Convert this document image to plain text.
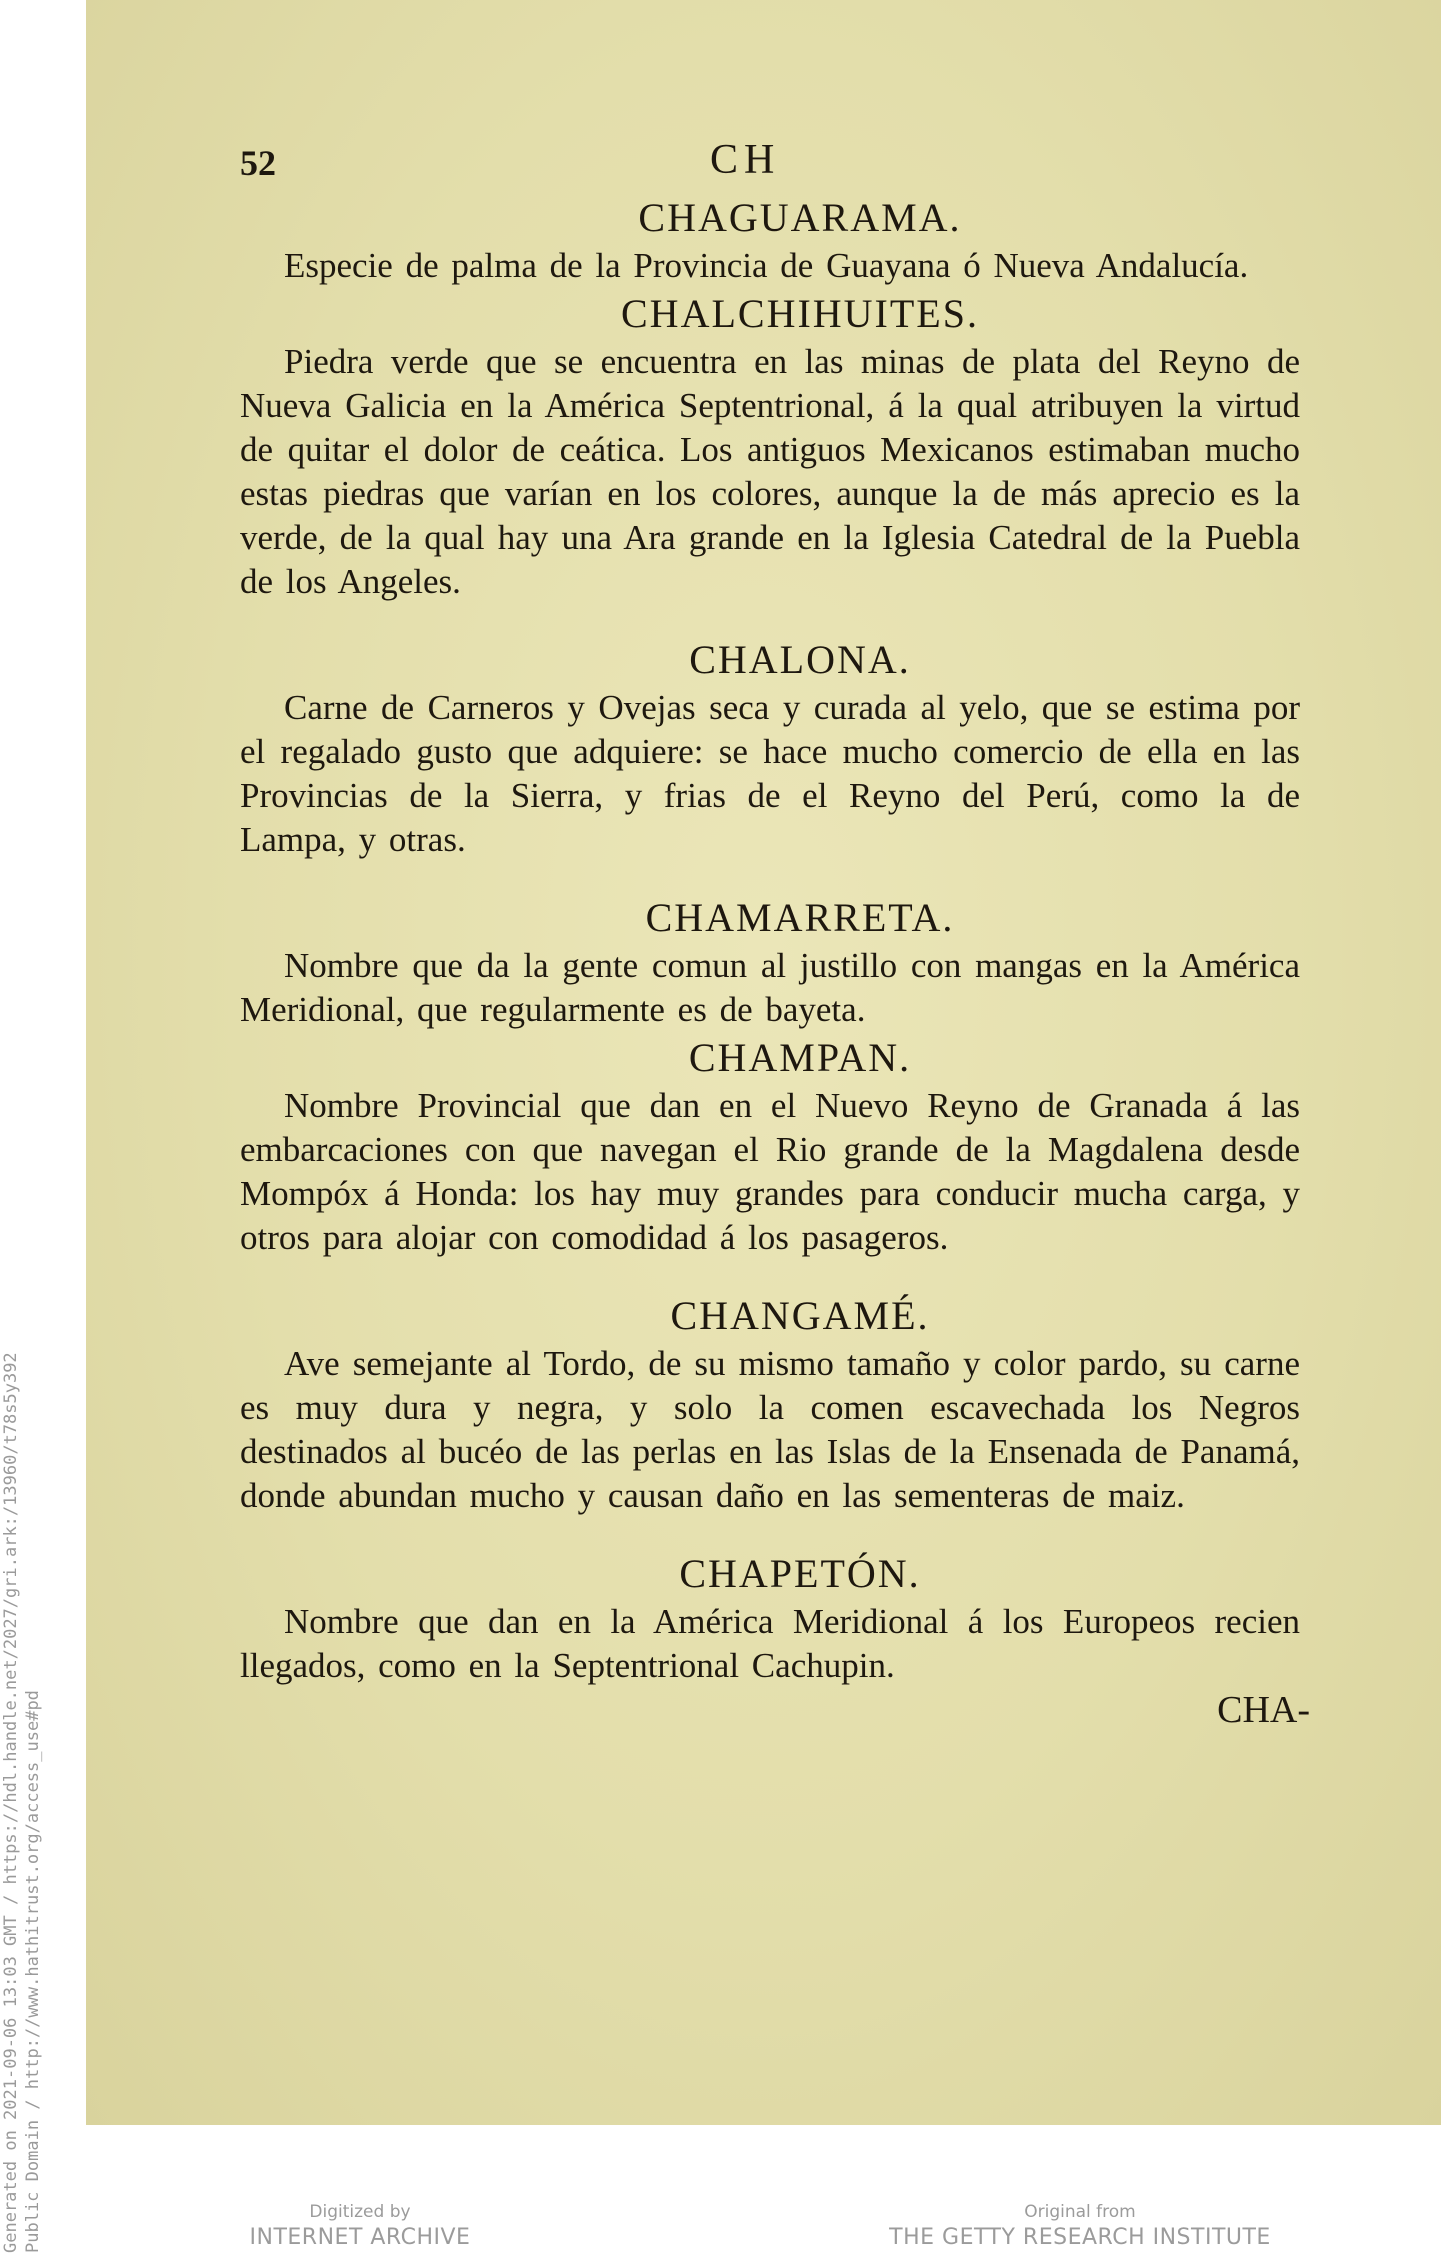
Generated on 2021-09-06 13:03 GMT / https://hdl.handle.net/2027/gri.ark:/13960/t78s5y392 Public Domain / http://www.hathitrust.org/access_use#pd
52	CH
CHAGUARAMA.

Especie de palma de la Provincia de Guayana ó Nueva Andalucía.

CHALCHIHUITES.

Piedra verde que se encuentra en las minas de plata del Reyno de Nueva Galicia en la América Septentrional, á la qual atribuyen la virtud de quitar el dolor de ceática. Los antiguos Mexicanos estimaban mucho estas piedras que varían en los colores, aunque la de más aprecio es la verde, de la qual hay una Ara grande en la Iglesia Catedral de la Puebla de los Angeles.

CHALONA.

Carne de Carneros y Ovejas seca y curada al yelo, que se estima por el regalado gusto que adquiere: se hace mucho comercio de ella en las Provincias de la Sierra, y frias de el Reyno del Perú, como la de Lampa, y otras.

CHAMARRETA.

Nombre que da la gente comun al justillo con mangas en la América Meridional, que regularmente es de bayeta.

CHAMPAN.

Nombre Provincial que dan en el Nuevo Reyno de Granada á las embarcaciones con que navegan el Rio grande de la Magdalena desde Mompóx á Honda: los hay muy grandes para conducir mucha carga, y otros para alojar con comodidad á los pasageros.

CHANGAMÉ.

Ave semejante al Tordo, de su mismo tamaño y color pardo, su carne es muy dura y negra, y solo la comen escavechada los Negros destinados al bucéo de las perlas en las Islas de la Ensenada de Panamá, donde abundan mucho y causan daño en las sementeras de maiz.

CHAPETÓN.

Nombre que dan en la América Meridional á los Europeos recien llegados, como en la Septentrional Cachupin.

CHA-
Digitized by
INTERNET ARCHIVE
Original from
THE GETTY RESEARCH INSTITUTE
